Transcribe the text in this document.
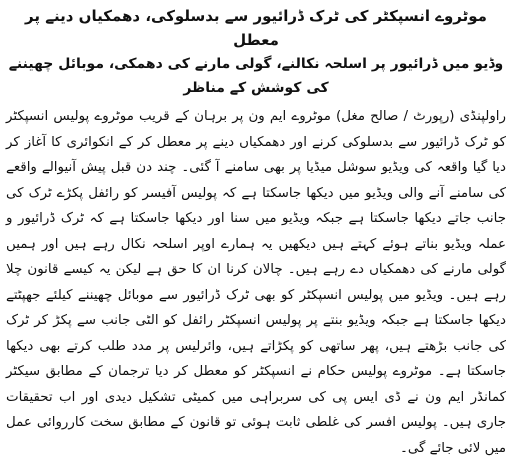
موٹروے انسپکٹر کی ٹرک ڈرائیور سے بدسلوکی، دھمکیاں دینے پر معطل

وڈیو میں ڈرائیور پر اسلحہ نکالنے، گولی مارنے کی دھمکی، موبائل چھیننے کی کوشش کے مناظر

راولپنڈی (رپورٹ / صالح مغل) موٹروے ایم ون پر برہان کے قریب موٹروے پولیس انسپکٹر کو ٹرک ڈرائیور سے بدسلوکی کرنے اور دھمکیاں دینے پر معطل کر کے انکوائری کا آغاز کر دیا گیا واقعہ کی ویڈیو سوشل میڈیا پر بھی سامنے آ گئی۔ چند دن قبل پیش آنیوالے واقعے کی سامنے آنے والی ویڈیو میں دیکھا جاسکتا ہے کہ پولیس آفیسر کو رائفل پکڑے ٹرک کی جانب جاتے دیکھا جاسکتا ہے جبکہ ویڈیو میں سنا اور دیکھا جاسکتا ہے کہ ٹرک ڈرائیور و عملہ ویڈیو بناتے ہوئے کہتے ہیں دیکھیں یہ ہمارے اوپر اسلحہ نکال رہے ہیں اور ہمیں گولی مارنے کی دھمکیاں دے رہے ہیں۔ چالان کرنا ان کا حق ہے لیکن یہ کیسے قانون چلا رہے ہیں۔ ویڈیو میں پولیس انسپکٹر کو بھی ٹرک ڈرائیور سے موبائل چھیننے کیلئے جھپٹتے دیکھا جاسکتا ہے جبکہ ویڈیو بنتے پر پولیس انسپکٹر رائفل کو الٹی جانب سے پکڑ کر ٹرک کی جانب بڑھتے ہیں، پھر ساتھی کو پکڑاتے ہیں، وائرلیس پر مدد طلب کرتے بھی دیکھا جاسکتا ہے۔ موٹروے پولیس حکام نے انسپکٹر کو معطل کر دیا ترجمان کے مطابق سیکٹر کمانڈر ایم ون نے ڈی ایس پی کی سربراہی میں کمیٹی تشکیل دیدی اور اب تحقیقات جاری ہیں۔ پولیس افسر کی غلطی ثابت ہوئی تو قانون کے مطابق سخت کارروائی عمل میں لائی جائے گی۔
